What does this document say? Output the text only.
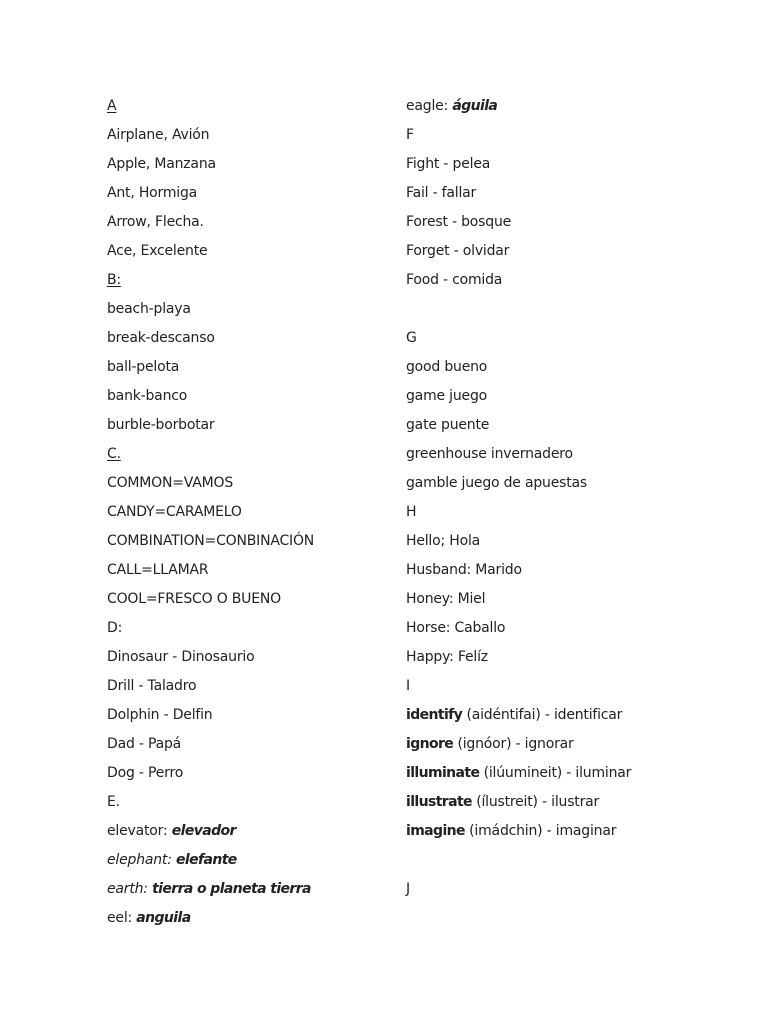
A
Airplane, Avión
Apple, Manzana
Ant, Hormiga
Arrow, Flecha.
Ace, Excelente
B:
beach-playa
break-descanso
ball-pelota
bank-banco
burble-borbotar
C.
COMMON=VAMOS
CANDY=CARAMELO
COMBINATION=CONBINACIÓN
CALL=LLAMAR
COOL=FRESCO O BUENO
D:
Dinosaur - Dinosaurio
Drill - Taladro
Dolphin - Delfin
Dad - Papá
Dog - Perro
E.
elevator: elevador
elephant: elefante
earth: tierra o planeta tierra
eel: anguila
eagle: águila
F
Fight - pelea
Fail - fallar
Forest - bosque
Forget - olvidar
Food - comida
G
good bueno
game juego
gate puente
greenhouse invernadero
gamble juego de apuestas
H
Hello; Hola
Husband: Marido
Honey: Miel
Horse: Caballo
Happy: Felíz
I
identify (aidéntifai) - identificar
ignore (ignóor) - ignorar
illuminate (ilúumineit) - iluminar
illustrate (ílustreit) - ilustrar
imagine (imádchin) - imaginar
J
